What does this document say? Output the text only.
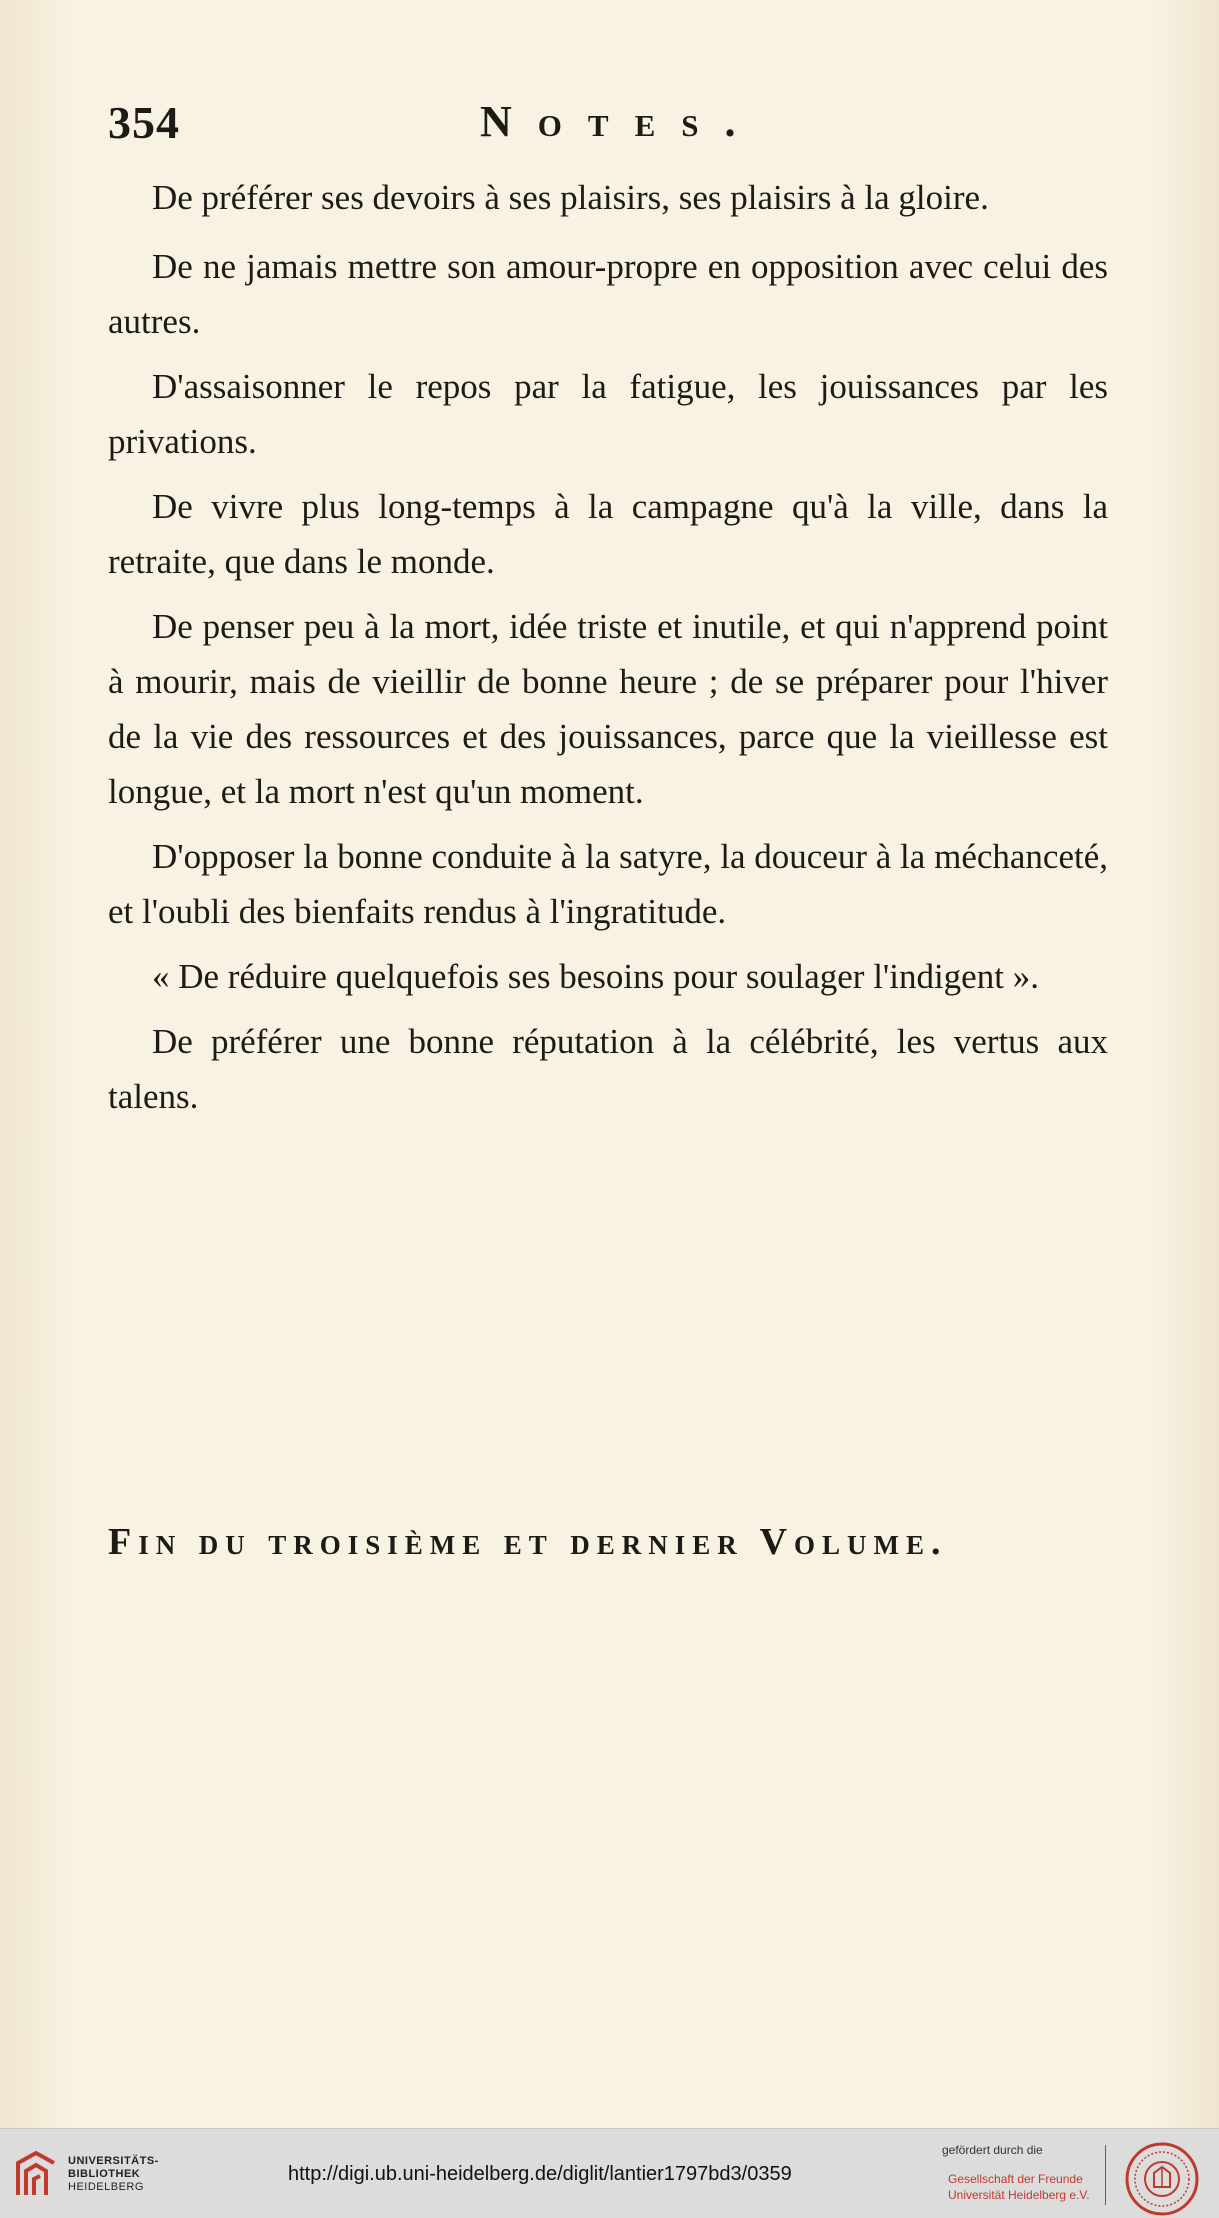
354	Notes.

De préférer ses devoirs à ses plaisirs, ses plaisirs à la gloire.

De ne jamais mettre son amour-propre en opposition avec celui des autres.

D'assaisonner le repos par la fatigue, les jouissances par les privations.

De vivre plus long-temps à la campagne qu'à la ville, dans la retraite, que dans le monde.

De penser peu à la mort, idée triste et inutile, et qui n'apprend point à mourir, mais de vieillir de bonne heure ; de se préparer pour l'hiver de la vie des ressources et des jouissances, parce que la vieillesse est longue, et la mort n'est qu'un moment.

D'opposer la bonne conduite à la satyre, la douceur à la méchanceté, et l'oubli des bienfaits rendus à l'ingratitude.

« De réduire quelquefois ses besoins pour soulager l'indigent ».

De préférer une bonne réputation à la célébrité, les vertus aux talens.

Fin du troisième et dernier Volume.
UNIVERSITÄTS-
BIBLIOTHEK
HEIDELBERG
http://digi.ub.uni-heidelberg.de/diglit/lantier1797bd3/0359
gefördert durch die
Gesellschaft der Freunde
Universität Heidelberg e.V.
